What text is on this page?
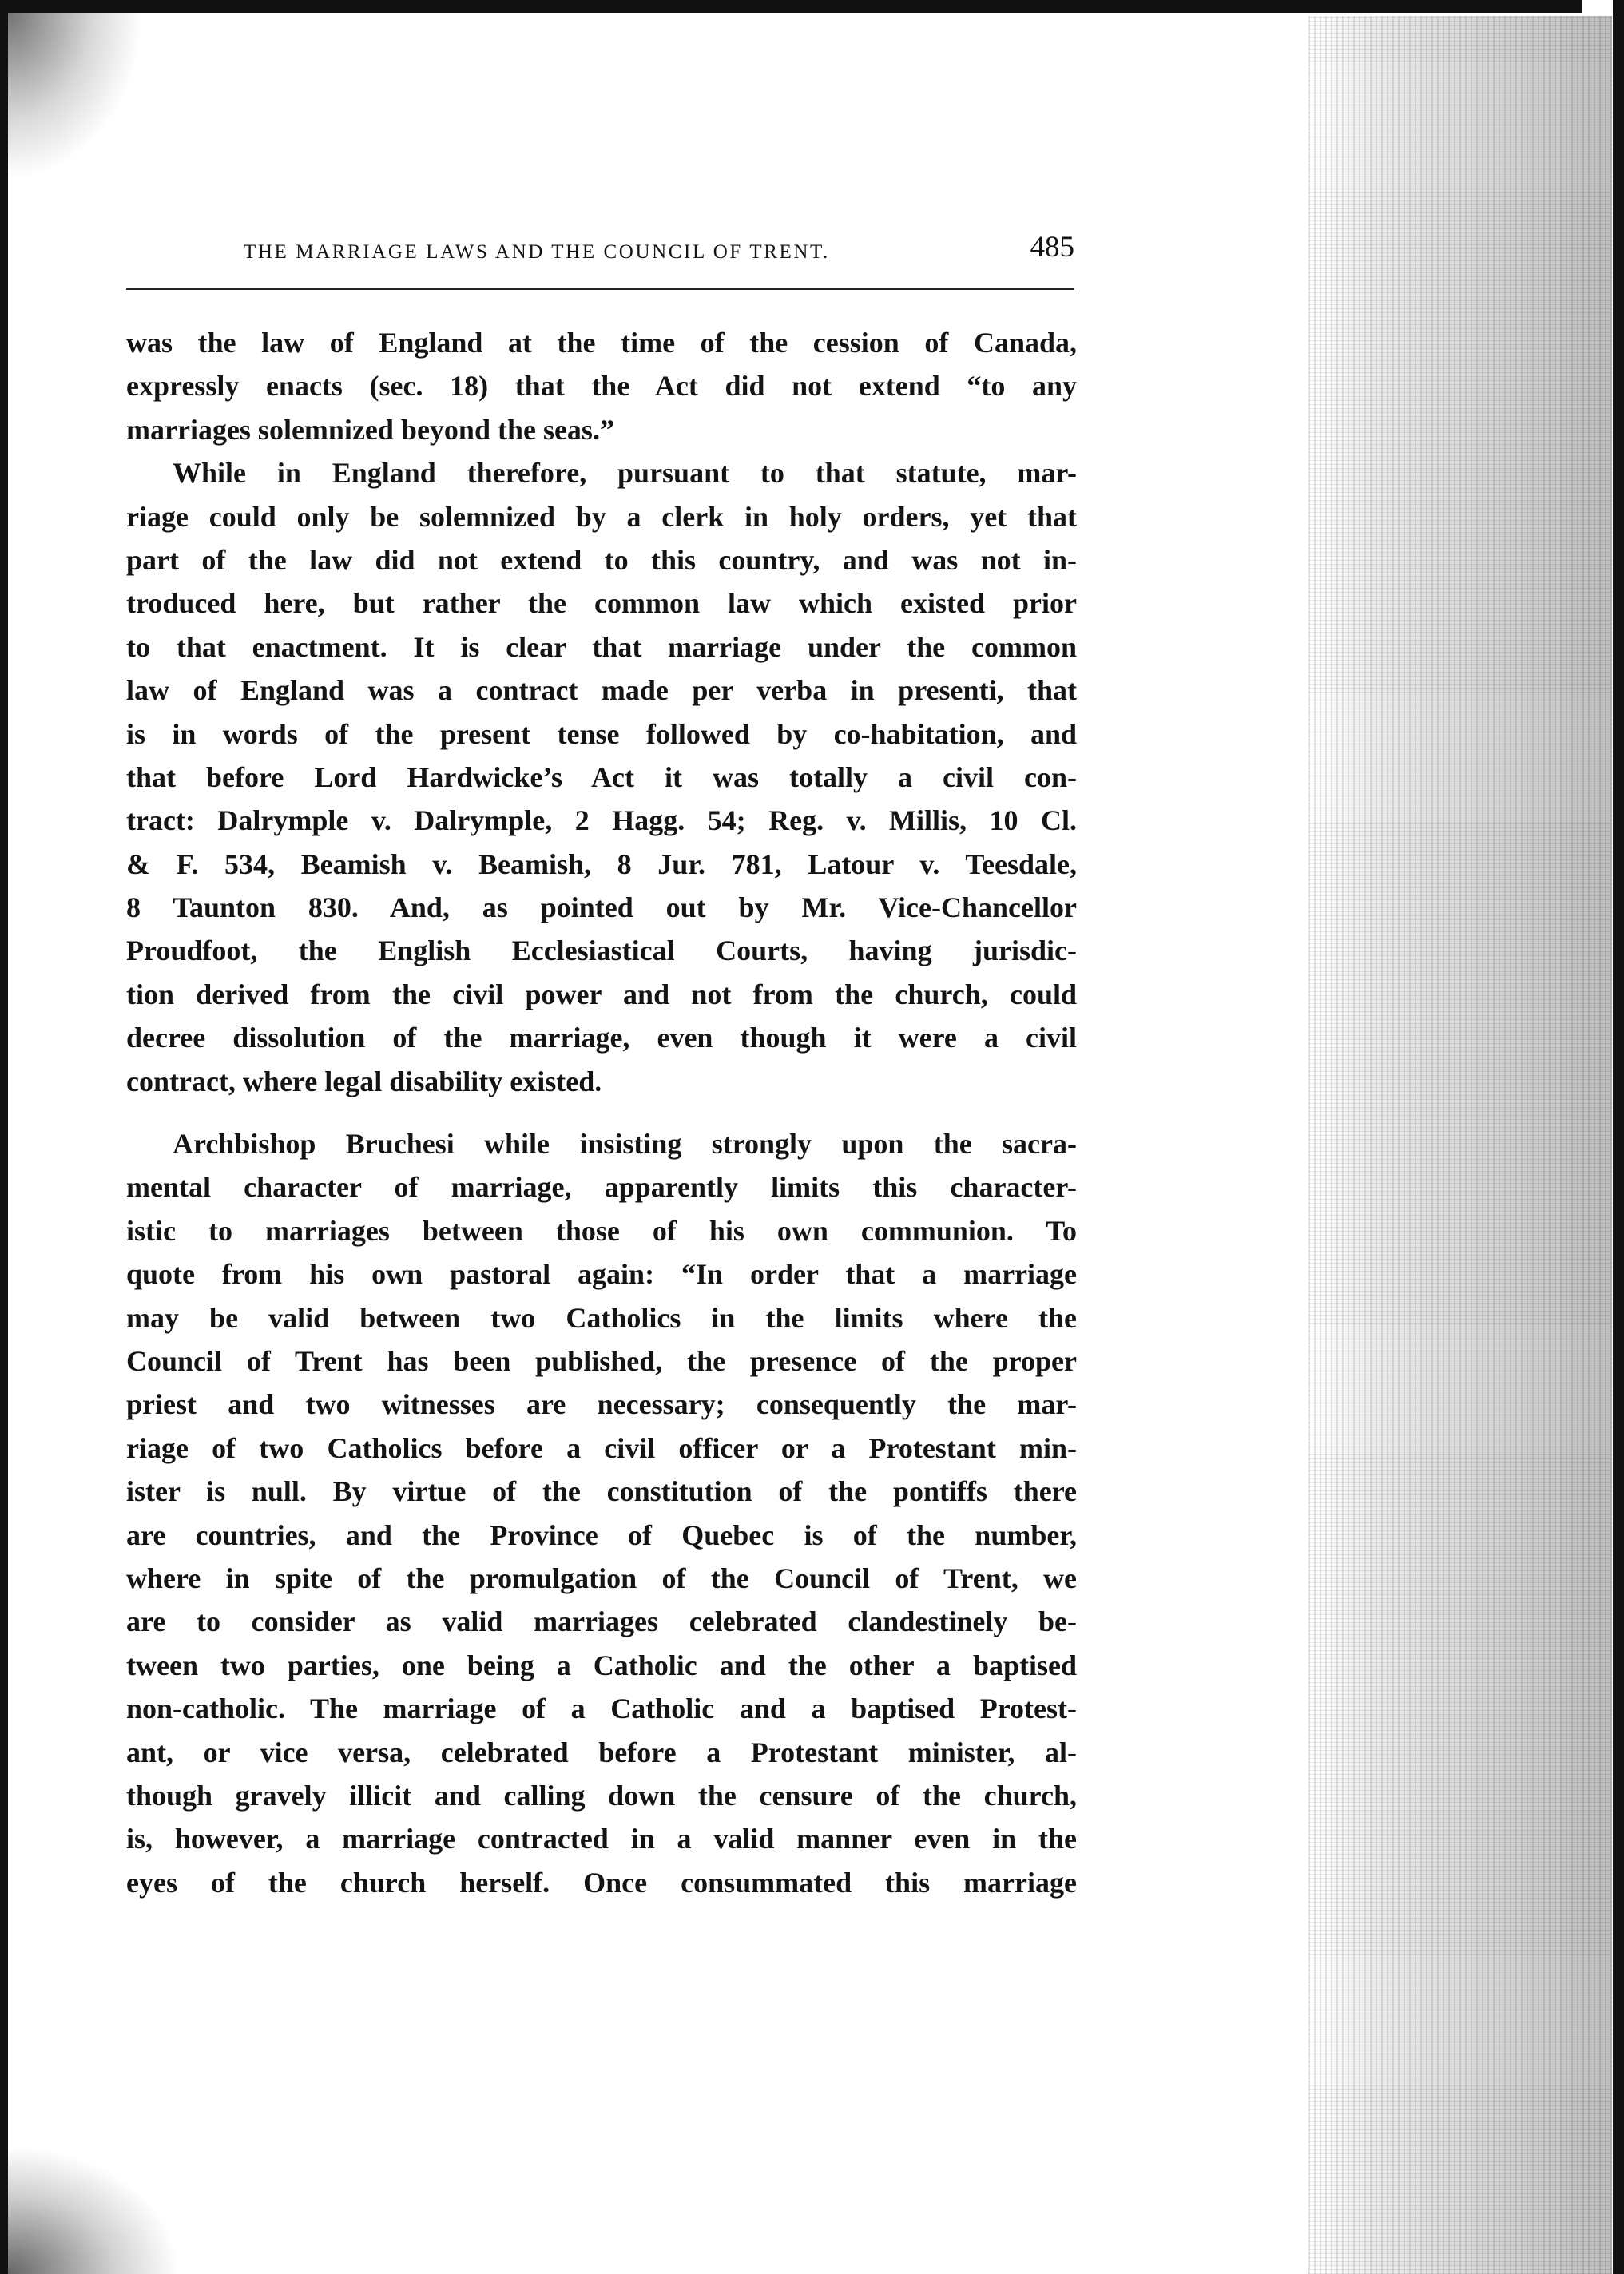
THE MARRIAGE LAWS AND THE COUNCIL OF TRENT.	485
was the law of England at the time of the cession of Canada,
expressly enacts (sec. 18) that the Act did not extend “to any
marriages solemnized beyond the seas.”
While in England therefore, pursuant to that statute, mar-
riage could only be solemnized by a clerk in holy orders, yet that
part of the law did not extend to this country, and was not in-
troduced here, but rather the common law which existed prior
to that enactment. It is clear that marriage under the common
law of England was a contract made per verba in presenti, that
is in words of the present tense followed by co-habitation, and
that before Lord Hardwicke’s Act it was totally a civil con-
tract: Dalrymple v. Dalrymple, 2 Hagg. 54; Reg. v. Millis, 10 Cl.
& F. 534, Beamish v. Beamish, 8 Jur. 781, Latour v. Teesdale,
8 Taunton 830. And, as pointed out by Mr. Vice-Chancellor
Proudfoot, the English Ecclesiastical Courts, having jurisdic-
tion derived from the civil power and not from the church, could
decree dissolution of the marriage, even though it were a civil
contract, where legal disability existed.
Archbishop Bruchesi while insisting strongly upon the sacra-
mental character of marriage, apparently limits this character-
istic to marriages between those of his own communion. To
quote from his own pastoral again: “In order that a marriage
may be valid between two Catholics in the limits where the
Council of Trent has been published, the presence of the proper
priest and two witnesses are necessary; consequently the mar-
riage of two Catholics before a civil officer or a Protestant min-
ister is null. By virtue of the constitution of the pontiffs there
are countries, and the Province of Quebec is of the number,
where in spite of the promulgation of the Council of Trent, we
are to consider as valid marriages celebrated clandestinely be-
tween two parties, one being a Catholic and the other a baptised
non-catholic. The marriage of a Catholic and a baptised Protest-
ant, or vice versa, celebrated before a Protestant minister, al-
though gravely illicit and calling down the censure of the church,
is, however, a marriage contracted in a valid manner even in the
eyes of the church herself. Once consummated this marriage
